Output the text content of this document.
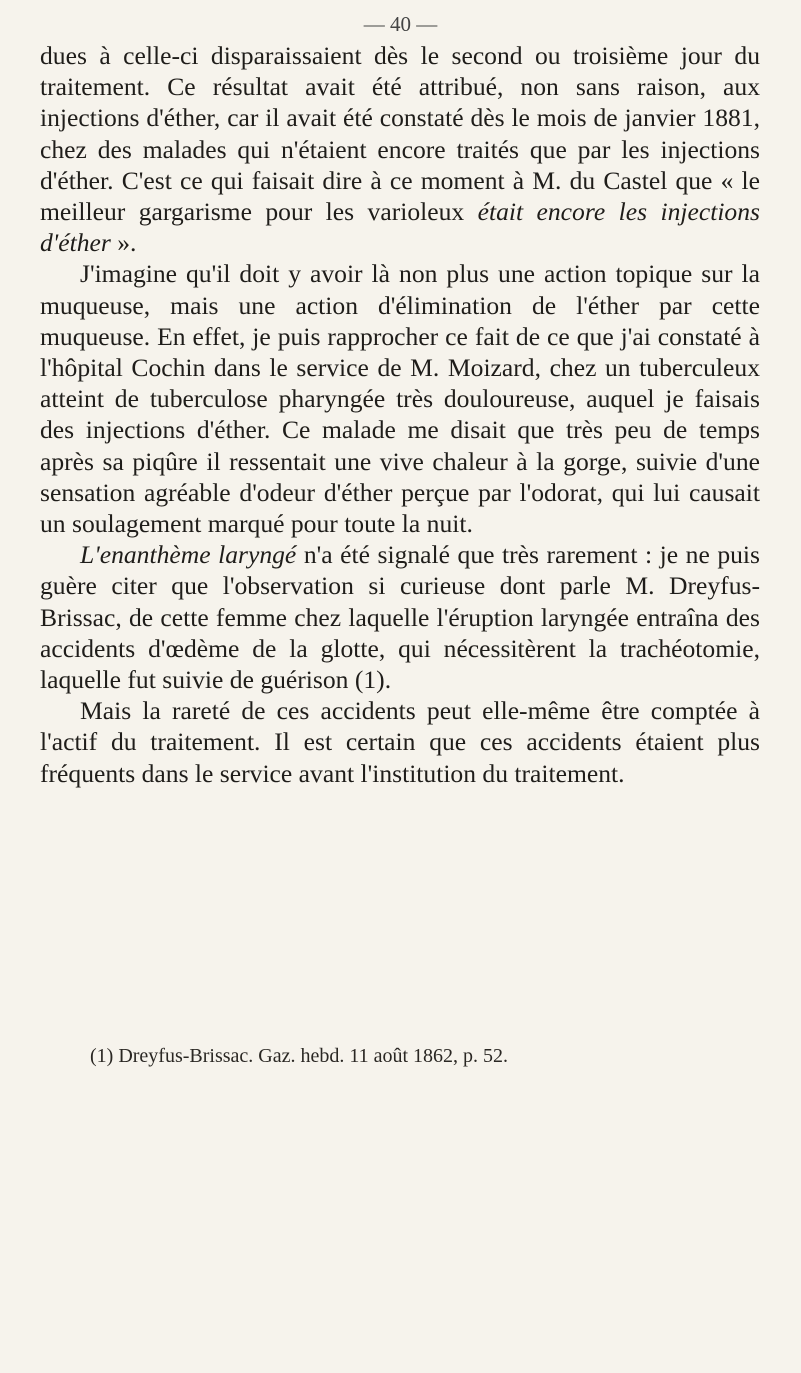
— 40 —

dues à celle-ci disparaissaient dès le second ou troisième jour du traitement. Ce résultat avait été attribué, non sans raison, aux injections d'éther, car il avait été constaté dès le mois de janvier 1881, chez des malades qui n'étaient encore traités que par les injections d'éther. C'est ce qui faisait dire à ce moment à M. du Castel que « le meilleur gargarisme pour les varioleux était encore les injections d'éther ».

J'imagine qu'il doit y avoir là non plus une action topique sur la muqueuse, mais une action d'élimination de l'éther par cette muqueuse. En effet, je puis rapprocher ce fait de ce que j'ai constaté à l'hôpital Cochin dans le service de M. Moizard, chez un tuberculeux atteint de tuberculose pharyngée très douloureuse, auquel je faisais des injections d'éther. Ce malade me disait que très peu de temps après sa piqûre il ressentait une vive chaleur à la gorge, suivie d'une sensation agréable d'odeur d'éther perçue par l'odorat, qui lui causait un soulagement marqué pour toute la nuit.

L'enanthème laryngé n'a été signalé que très rarement : je ne puis guère citer que l'observation si curieuse dont parle M. Dreyfus-Brissac, de cette femme chez laquelle l'éruption laryngée entraîna des accidents d'œdème de la glotte, qui nécessitèrent la trachéotomie, laquelle fut suivie de guérison (1).

Mais la rareté de ces accidents peut elle-même être comptée à l'actif du traitement. Il est certain que ces accidents étaient plus fréquents dans le service avant l'institution du traitement.

(1) Dreyfus-Brissac. Gaz. hebd. 11 août 1862, p. 52.
